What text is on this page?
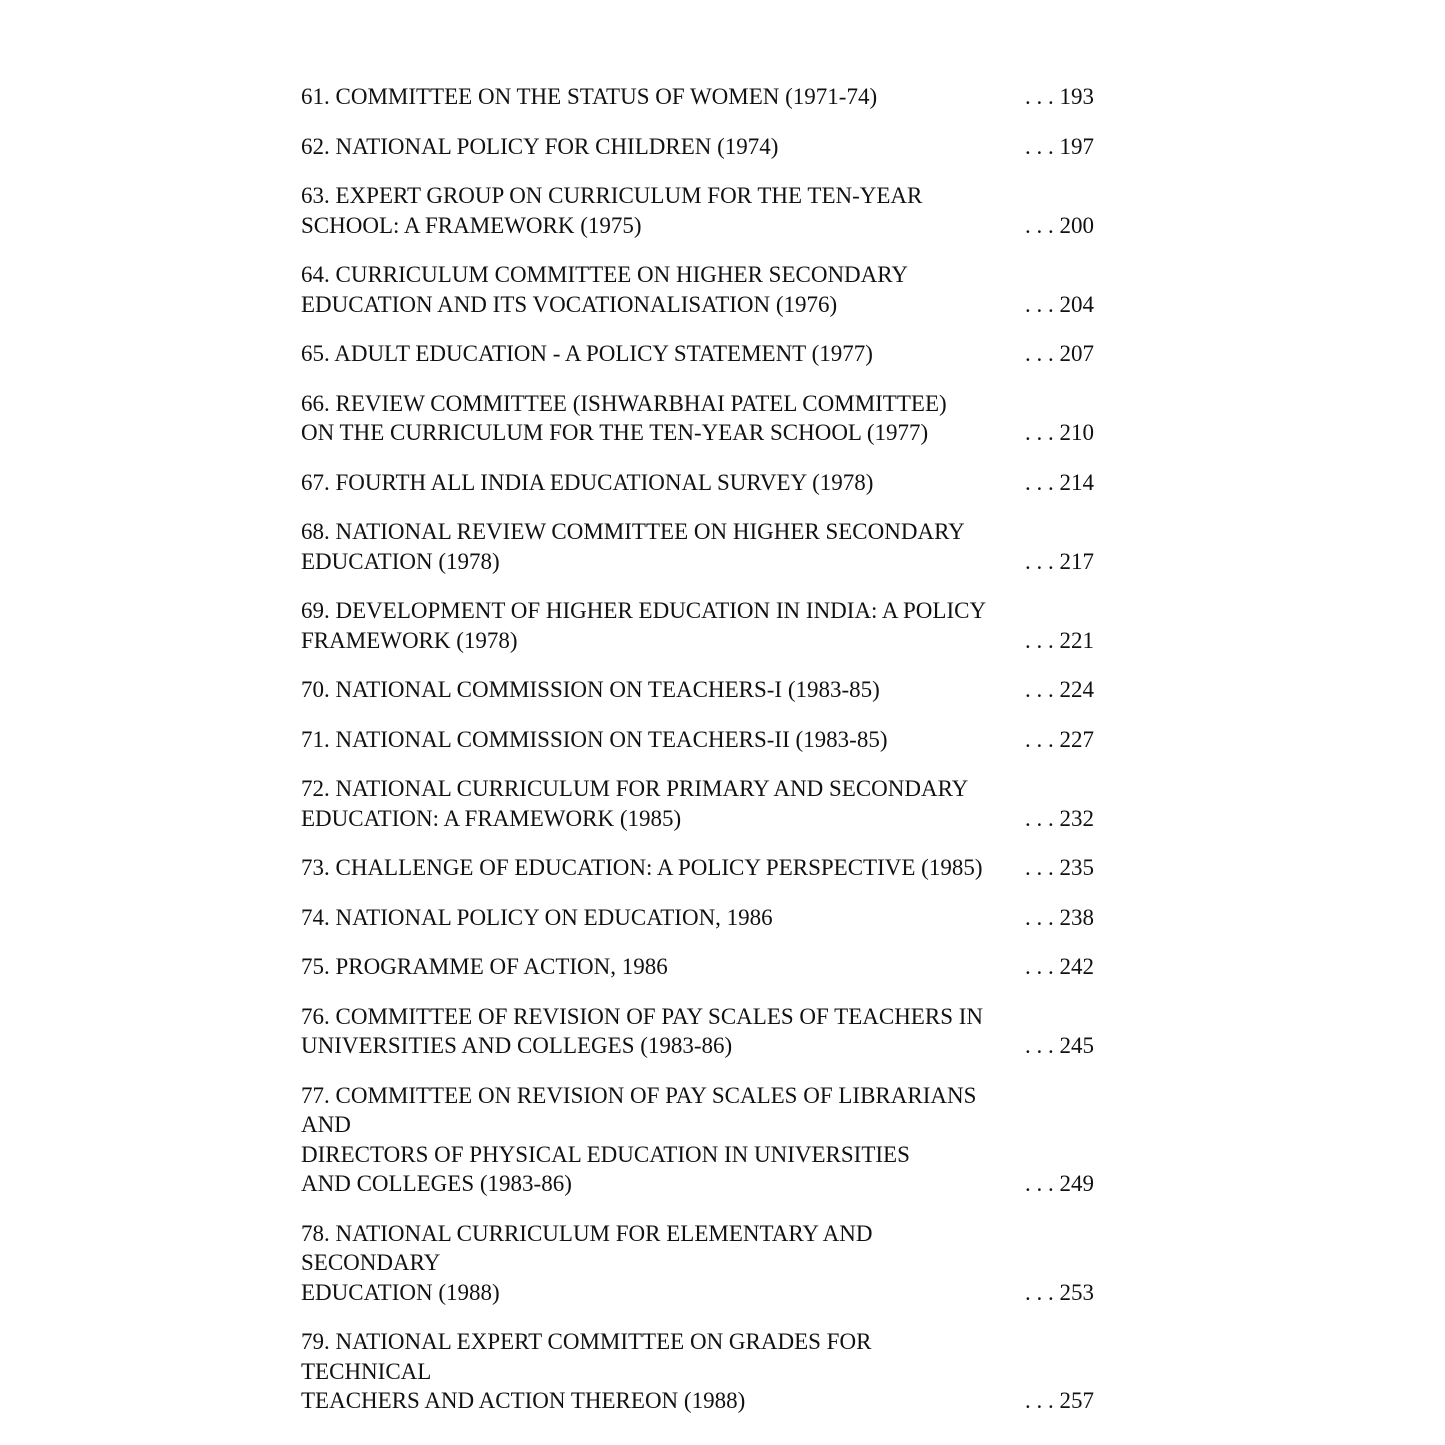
61. COMMITTEE ON THE STATUS OF WOMEN (1971-74)	. . . 193
62. NATIONAL POLICY FOR CHILDREN (1974)	. . . 197
63. EXPERT GROUP ON CURRICULUM FOR THE TEN-YEAR
SCHOOL: A FRAMEWORK (1975)	. . . 200
64. CURRICULUM COMMITTEE ON HIGHER SECONDARY
EDUCATION AND ITS VOCATIONALISATION (1976)	. . . 204
65. ADULT EDUCATION - A POLICY STATEMENT (1977)	. . . 207
66. REVIEW COMMITTEE (ISHWARBHAI PATEL COMMITTEE)
ON THE CURRICULUM FOR THE TEN-YEAR SCHOOL (1977)	. . . 210
67. FOURTH ALL INDIA EDUCATIONAL SURVEY (1978)	. . . 214
68. NATIONAL REVIEW COMMITTEE ON HIGHER SECONDARY
EDUCATION (1978)	. . . 217
69. DEVELOPMENT OF HIGHER EDUCATION IN INDIA: A POLICY
FRAMEWORK (1978)	. . . 221
70. NATIONAL COMMISSION ON TEACHERS-I (1983-85)	. . . 224
71. NATIONAL COMMISSION ON TEACHERS-II (1983-85)	. . . 227
72. NATIONAL CURRICULUM FOR PRIMARY AND SECONDARY
EDUCATION: A FRAMEWORK (1985)	. . . 232
73. CHALLENGE OF EDUCATION: A POLICY PERSPECTIVE (1985)	. . . 235
74. NATIONAL POLICY ON EDUCATION, 1986	. . . 238
75. PROGRAMME OF ACTION, 1986	. . . 242
76. COMMITTEE OF REVISION OF PAY SCALES OF TEACHERS IN
UNIVERSITIES AND COLLEGES (1983-86)	. . . 245
77. COMMITTEE ON REVISION OF PAY SCALES OF LIBRARIANS AND
DIRECTORS OF PHYSICAL EDUCATION IN UNIVERSITIES
AND COLLEGES (1983-86)	. . . 249
78. NATIONAL CURRICULUM FOR ELEMENTARY AND SECONDARY
EDUCATION (1988)	. . . 253
79. NATIONAL EXPERT COMMITTEE ON GRADES FOR TECHNICAL
TEACHERS AND ACTION THEREON (1988)	. . . 257
